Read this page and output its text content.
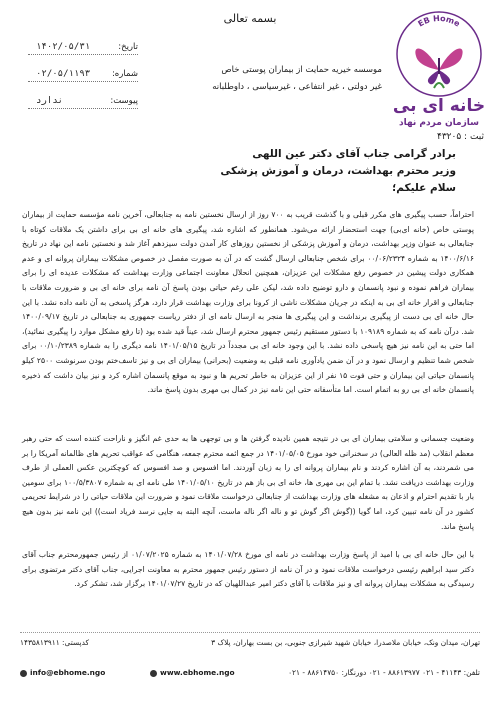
بسمه تعالی	EB Home
خانه ای بی
سازمان مردم نهاد
ثبت : ۴۳۲۰۵
موسسه خیریه حمایت از بیماران پوستی خاص
غیر دولتی ، غیر انتفاعی ، غیرسیاسی ، داوطلبانه
تاریخ:
۱۴۰۲/۰۵/۳۱
شماره:
۰۲/۰۵/۱۱۹۳
پیوست:
ندارد
برادر گرامی جناب آقای دکتر عین اللهی
وزیر محترم بهداشت، درمان و آموزش پزشکی
سلام علیکم؛
احتراماً، حسب پیگیری های مکرر قبلی و با گذشت قریب به ۷۰۰ روز از ارسال نخستین نامه به جنابعالی، آخرین نامه مؤسسه حمایت از بیماران پوستی خاص (خانه ای‌بی) جهت استحضار ارائه می‌شود. همانطور که اشاره شد، پیگیری های خانه ای بی برای داشتن یک ملاقات کوتاه با جنابعالی به عنوان وزیر بهداشت، درمان و آموزش پزشکی از نخستین روزهای کار آمدن دولت سیزدهم آغاز شد و نخستین نامه این نهاد در تاریخ ۱۴۰۰/۶/۱۶ به شماره ۰۰/۰۶/۲۳۲۴ برای شخص جنابعالی ارسال گشت که در آن به صورت مفصل در خصوص مشکلات بیماران پروانه ای و عدم همکاری دولت پیشین در خصوص رفع مشکلات این عزیزان، همچنین انحلال معاونت اجتماعی وزارت بهداشت که مشکلات عدیده ای را برای بیماران فراهم نموده و نبود پانسمان و دارو توضیح داده شد، لیکن علی رغم حیاتی بودن پاسخ آن نامه برای خانه ای بی و ضرورت ملاقات با جنابعالی و اقرار خانه ای بی به اینکه در جریان مشکلات ناشی از کرونا برای وزارت بهداشت قرار دارد، هرگز پاسخی به آن نامه داده نشد. با این حال خانه ای بی دست از پیگیری برنداشت و این پیگیری ها منجر به ارسال نامه ای از دفتر ریاست جمهوری به جنابعالی در تاریخ ۱۴۰۰/۰۹/۱۷ شد. درآن نامه که به شماره ۱۰۹۱۸۹ با دستور مستقیم رئیس جمهور محترم ارسال شد، عیناً قید شده بود (تا رفع مشکل موارد را پیگیری نمائید)، اما حتی به این نامه نیز هیچ پاسخی داده نشد. با این وجود خانه ای بی مجدداً در تاریخ ۱۴۰۱/۰۵/۱۵ نامه دیگری را به شماره ۰۰/۱۰/۲۳۸۹ برای شخص شما تنظیم و ارسال نمود و در آن ضمن یادآوری نامه قبلی به وضعیت (بحرانی) بیماران ای بی و نیز تاسف‌ختم بودن سرنوشت ۲۵۰۰ کیلو پانسمان حیاتی این بیماران و حتی فوت ۱۵ نفر از این عزیزان به خاطر تحریم ها و نبود به موقع پانسمان اشاره کرد و نیز بیان داشت که ذخیره پانسمان خانه ای بی رو به اتمام است. اما متأسفانه حتی این نامه نیز در کمال بی مهری بدون پاسخ ماند.
وضعیت جسمانی و سلامتی بیماران ای بی در نتیجه همین نادیده گرفتن ها و بی توجهی ها به حدی غم انگیز و ناراحت کننده است که حتی رهبر معظم انقلاب (مد ظله العالی) در سخنرانی خود مورخ ۱۴۰۱/۰۵/۰۵ در جمع ائمه محترم جمعه، هنگامی که عواقب تحریم های ظالمانه آمریکا را بر می شمردند، به آن اشاره کردند و نام بیماران پروانه ای را به زبان آوردند. اما افسوس و صد افسوس که کوچکترین عکس العملی از طرف وزارت بهداشت دریافت نشد. با تمام این بی مهری ها، خانه ای بی باز هم در تاریخ ۱۴۰۱/۰۵/۱۰ طی نامه ای به شماره ۱۰۰/۵/۳۸۰۷ برای سومین بار با تقدیم احترام و اذعان به مشغله های وزارت بهداشت از جنابعالی درخواست ملاقات نمود و ضرورت این ملاقات حیاتی را در شرایط تحریمی کشور در آن نامه تبیین کرد، اما گویا ((گوش اگر گوش تو و ناله اگر ناله ماست، آنچه البته به جایی نرسد فریاد است)) این نامه نیز بدون هیچ پاسخ ماند.
با این حال خانه ای بی با امید از پاسخ وزارت بهداشت در نامه ای مورخ ۱۴۰۱/۰۷/۲۸ به شماره ۰۱/۰۷/۲۰۲۵ از رئیس جمهورمحترم جناب آقای دکتر سید ابراهیم رئیسی درخواست ملاقات نمود و در آن نامه از دستور رئیس جمهور محترم به معاونت اجرایی، جناب آقای دکتر مرتضوی برای رسیدگی به مشکلات بیماران پروانه ای و نیز ملاقات با آقای دکتر امیر عبداللهیان که در تاریخ ۱۴۰۱/۰۷/۲۷ برگزار شد، تشکر کرد.
تهران، میدان ونک، خیابان ملاصدرا، خیابان شهید شیرازی جنوبی، بن بست بهاران، پلاک ۳
کدپستی: ۱۴۳۵۸۱۳۹۱۱
تلفن: ۴۱۱۴۳ - ۰۲۱ ۸۸۶۱۳۹۷۷ - ۰۲۱ دورنگار: ۸۸۶۱۴۷۵۰ - ۰۲۱
www.ebhome.ngo
info@ebhome.ngo
